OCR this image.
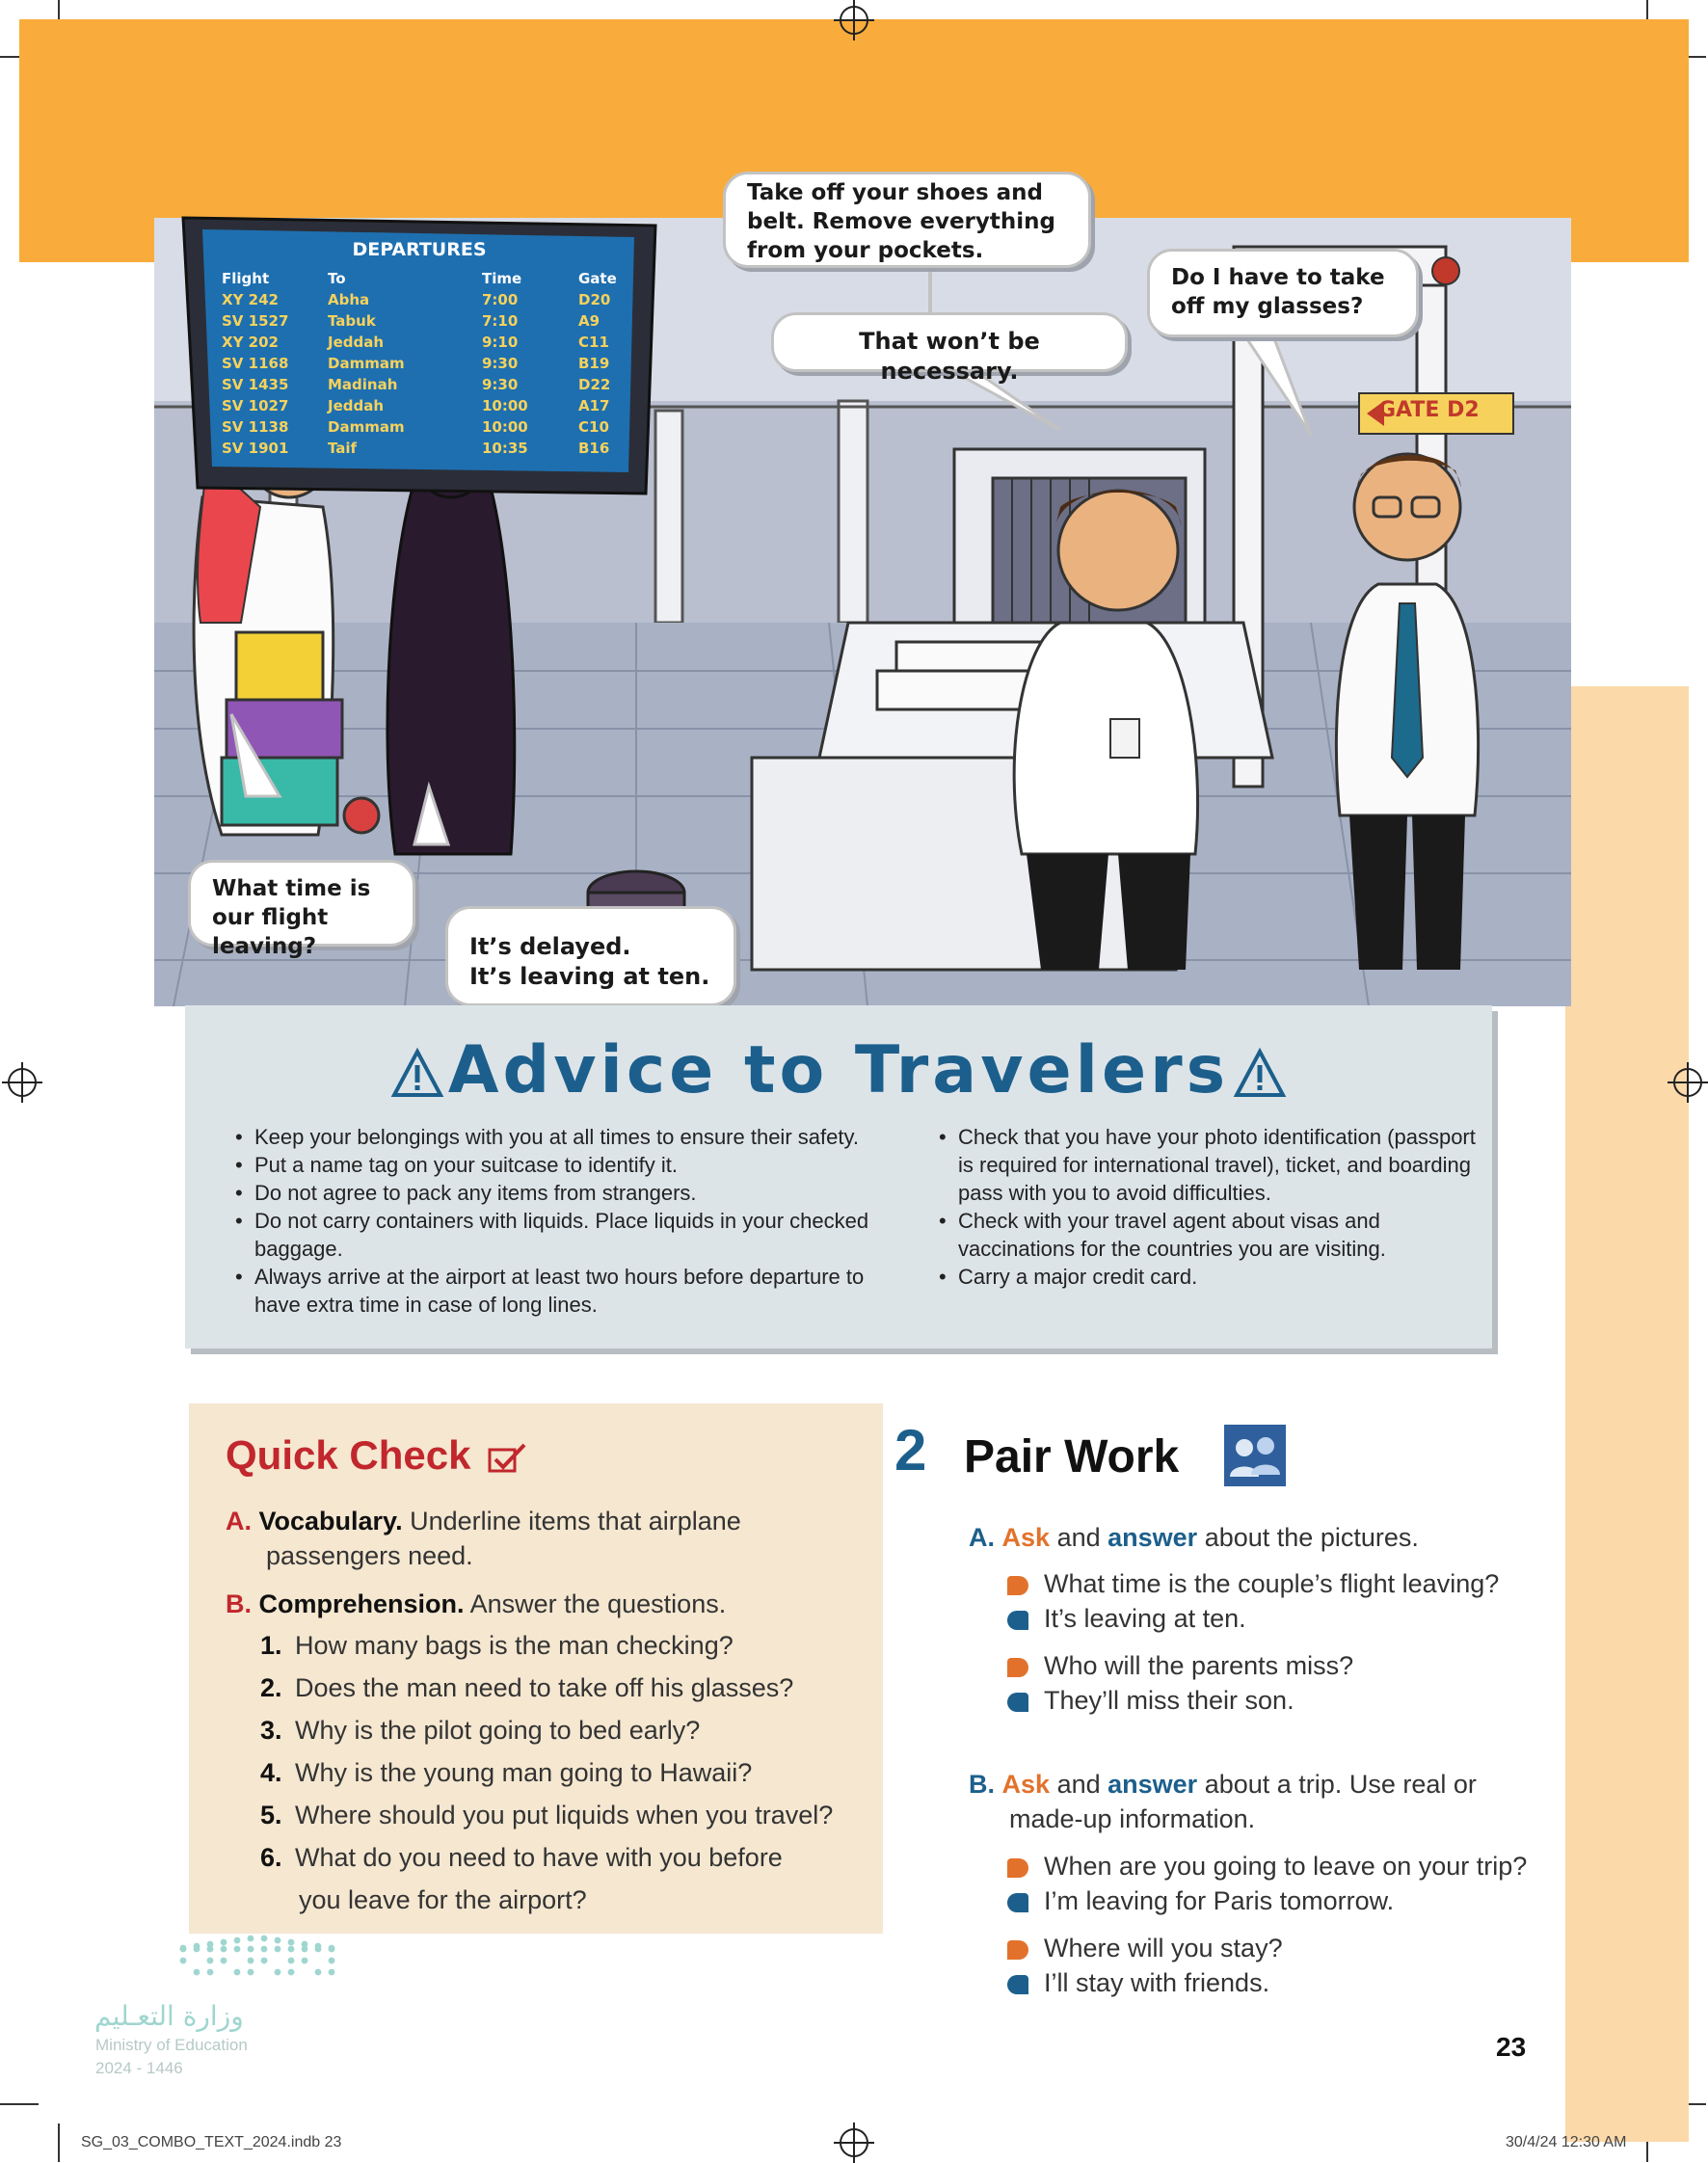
DEPARTURES
Flight	To	Time	Gate
XY 242	Abha	7:00	D20
SV 1527	Tabuk	7:10	A9
XY 202	Jeddah	9:10	C11
SV 1168	Dammam	9:30	B19
SV 1435	Madinah	9:30	D22
SV 1027	Jeddah	10:00	A17
SV 1138	Dammam	10:00	C10
SV 1901	Taif	10:35	B16
GATE D2
Take off your shoes and belt. Remove everything from your pockets.
That won’t be necessary.
Do I have to take off my glasses?
What time is our flight leaving?	It’s delayed.
It’s leaving at ten.
Advice to Travelers
• Keep your belongings with you at all times to ensure their safety.
• Put a name tag on your suitcase to identify it.
• Do not agree to pack any items from strangers.
• Do not carry containers with liquids. Place liquids in your checked baggage.
• Always arrive at the airport at least two hours before departure to have extra time in case of long lines.
• Check that you have your photo identification (passport is required for international travel), ticket, and boarding pass with you to avoid difficulties.
• Check with your travel agent about visas and vaccinations for the countries you are visiting.
• Carry a major credit card.
Quick Check
A. Vocabulary. Underline items that airplane
passengers need.
B. Comprehension. Answer the questions.
1. How many bags is the man checking?
2. Does the man need to take off his glasses?
3. Why is the pilot going to bed early?
4. Why is the young man going to Hawaii?
5. Where should you put liquids when you travel?
6. What do you need to have with you before
you leave for the airport?
2 Pair Work
A. Ask and answer about the pictures.
What time is the couple’s flight leaving?
It’s leaving at ten.
Who will the parents miss?
They’ll miss their son.
B. Ask and answer about a trip. Use real or
made-up information.
When are you going to leave on your trip?
I’m leaving for Paris tomorrow.
Where will you stay?
I’ll stay with friends.
وزارة التعـليم
Ministry of Education
2024 - 1446
23
SG_03_COMBO_TEXT_2024.indb 23	30/4/24 12:30 AM
